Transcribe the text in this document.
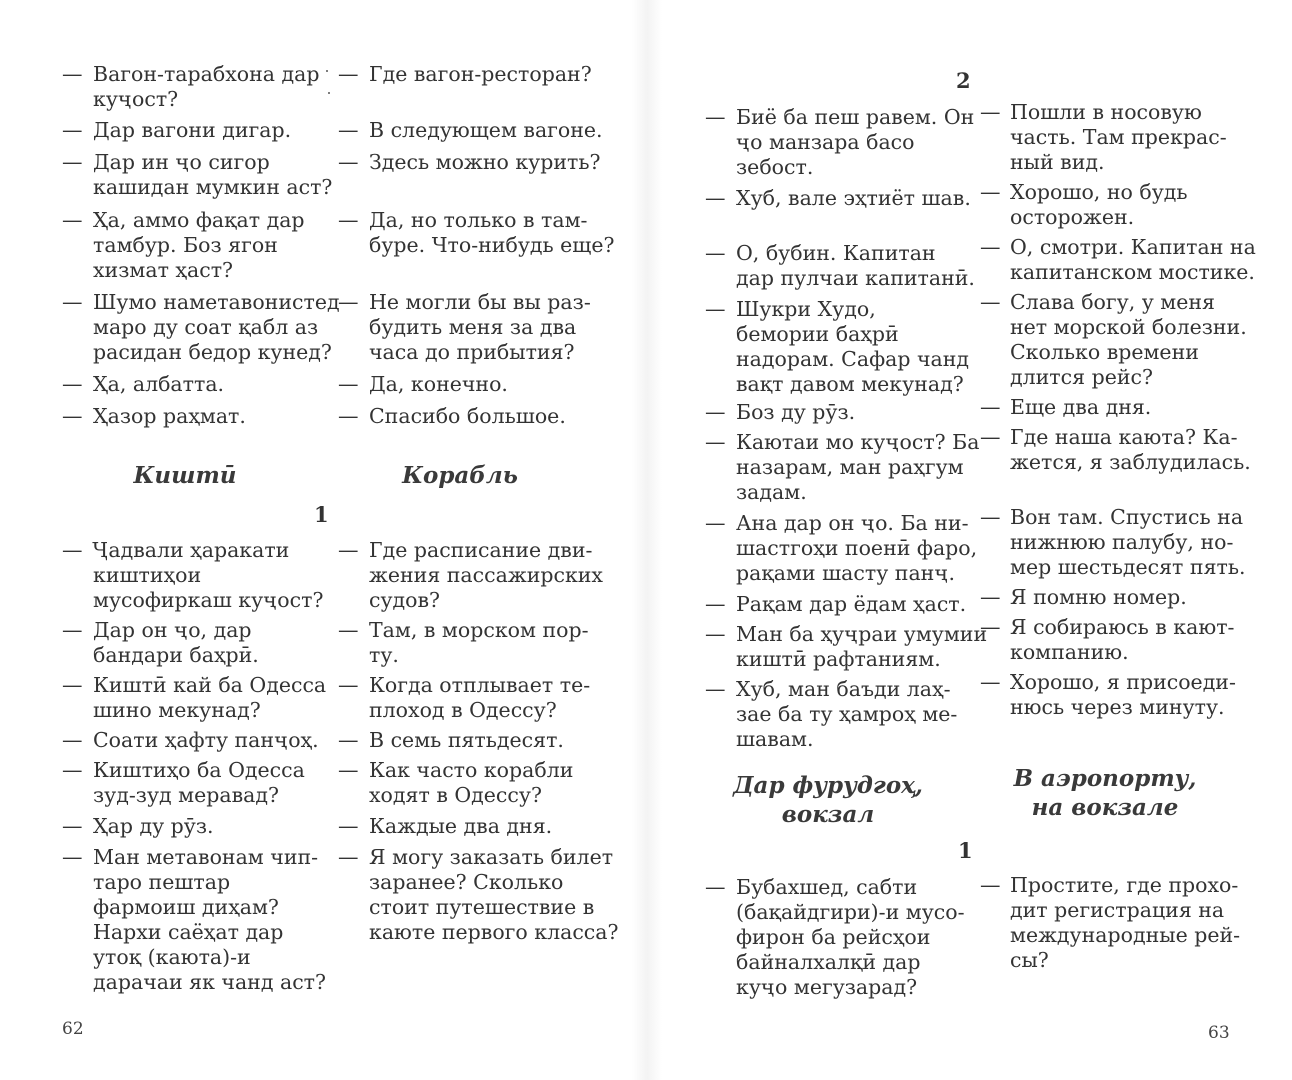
— Вагон-тарабхона дар

куҷост?

— Дар вагони дигар.

— Дар ин ҷо сигор

кашидан мумкин аст?

— Ҳа, аммо фақат дар

тамбур. Боз ягон

хизмат ҳаст?

— Шумо наметавонистед

маро ду соат қабл аз

расидан бедор кунед?

— Ҳа, албатта.

— Ҳазор раҳмат.

Киштӣ

— Ҷадвали ҳаракати

киштиҳои

мусофиркаш куҷост?

— Дар он ҷо, дар

бандари баҳрӣ.

— Киштӣ кай ба Одесса

шино мекунад?

— Соати ҳафту панҷоҳ.

— Киштиҳо ба Одесса

зуд-зуд меравад?

— Ҳар ду рӯз.

— Ман метавонам чип-

таро пештар

фармоиш диҳам?

Нархи саёҳат дар

утоқ (каюта)-и

дарачаи як чанд аст?

— Где вагон-ресторан?

— В следующем вагоне.

— Здесь можно курить?

— Да, но только в там-

буре. Что-нибудь еще?

— Не могли бы вы раз-

будить меня за два

часа до прибытия?

— Да, конечно.

— Спасибо большое.

Корабль

— Где расписание дви-

жения пассажирских

судов?

— Там, в морском пор-

ту.

— Когда отплывает те-

плоход в Одессу?

— В семь пятьдесят.

— Как часто корабли

ходят в Одессу?

— Каждые два дня.

— Я могу заказать билет

заранее? Сколько

стоит путешествие в

каюте первого класса?

1

62

— Биё ба пеш равем. Он

ҷо манзара басо

зебост.

— Хуб, вале эҳтиёт шав.

— О, бубин. Капитан

дар пулчаи капитанӣ.

— Шукри Худо,

бемории баҳрӣ

надорам. Сафар чанд

вақт давом мекунад?

— Боз ду рӯз.

— Каютаи мо куҷост? Ба

назарам, ман раҳгум

задам.

— Ана дар он ҷо. Ба ни-

шастгоҳи поенӣ фаро,

рақами шасту панҷ.

— Рақам дар ёдам ҳаст.

— Ман ба ҳуҷраи умумии

киштӣ рафтаниям.

— Хуб, ман баъди лаҳ-

зае ба ту ҳамроҳ ме-

шавам.

Дар фурудгоҳ,

вокзал

— Бубахшед, сабти

(бақайдгири)-и мусо-

фирон ба рейсҳои

байналхалқӣ дар

куҷо мегузарад?

— Пошли в носовую

часть. Там прекрас-

ный вид.

— Хорошо, но будь

осторожен.

— О, смотри. Капитан на

капитанском мостике.

— Слава богу, у меня

нет морской болезни.

Сколько времени

длится рейс?

— Еще два дня.

— Где наша каюта? Ка-

жется, я заблудилась.

— Вон там. Спустись на

нижнюю палубу, но-

мер шестьдесят пять.

— Я помню номер.

— Я собираюсь в кают-

компанию.

— Хорошо, я присоеди-

нюсь через минуту.

В аэропорту,

на вокзале

— Простите, где прохо-

дит регистрация на

международные рей-

сы?

2

1

63
